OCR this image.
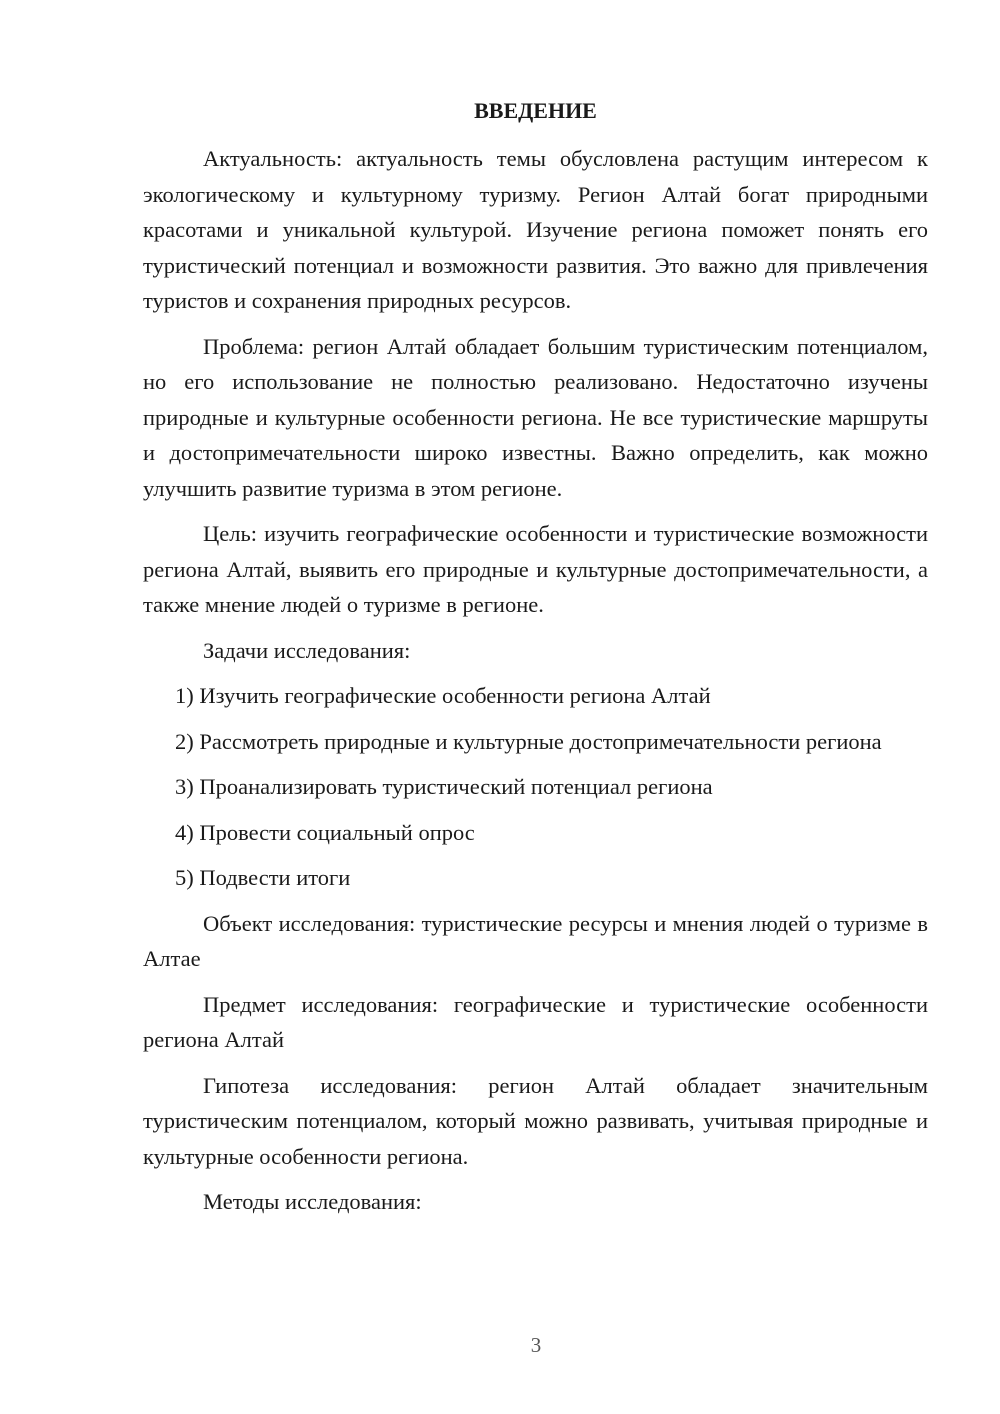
ВВЕДЕНИЕ

Актуальность: актуальность темы обусловлена растущим интересом к экологическому и культурному туризму. Регион Алтай богат природными красотами и уникальной культурой. Изучение региона поможет понять его туристический потенциал и возможности развития. Это важно для привлечения туристов и сохранения природных ресурсов.

Проблема: регион Алтай обладает большим туристическим потенциалом, но его использование не полностью реализовано. Недостаточно изучены природные и культурные особенности региона. Не все туристические маршруты и достопримечательности широко известны. Важно определить, как можно улучшить развитие туризма в этом регионе.

Цель: изучить географические особенности и туристические возможности региона Алтай, выявить его природные и культурные достопримечательности, а также мнение людей о туризме в регионе.

Задачи исследования:

1) Изучить географические особенности региона Алтай

2) Рассмотреть природные и культурные достопримечательности региона

3) Проанализировать туристический потенциал региона

4) Провести социальный опрос

5) Подвести итоги

Объект исследования: туристические ресурсы и мнения людей о туризме в Алтае

Предмет исследования: географические и туристические особенности региона Алтай

Гипотеза исследования: регион Алтай обладает значительным туристическим потенциалом, который можно развивать, учитывая природные и культурные особенности региона.

Методы исследования:

3
